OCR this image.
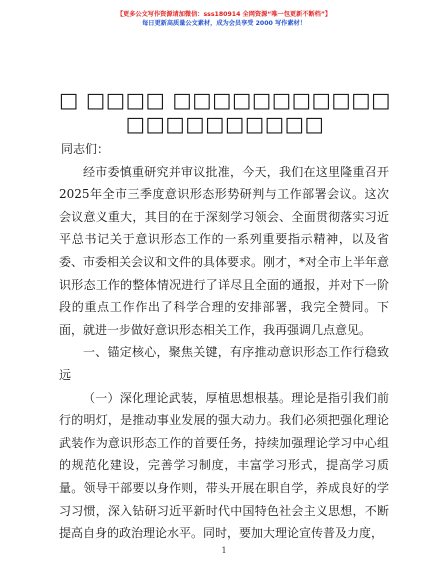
【更多公文写作资源请加微信：sss180914 全网资源“唯一包更新不断档”】
每日更新高质量公文素材，成为会员享受 2000 写作素材！
□ □□□□ □□□□□□□□□□□□□□□□□□□□□

同志们：

经市委慎重研究并审议批准，今天，我们在这里隆重召开2025年全市三季度意识形态形势研判与工作部署会议。这次会议意义重大，其目的在于深刻学习领会、全面贯彻落实习近平总书记关于意识形态工作的一系列重要指示精神，以及省委、市委相关会议和文件的具体要求。刚才，*对全市上半年意识形态工作的整体情况进行了详尽且全面的通报，并对下一阶段的重点工作作出了科学合理的安排部署，我完全赞同。下面，就进一步做好意识形态相关工作，我再强调几点意见。

一、锚定核心，聚焦关键，有序推动意识形态工作行稳致远

（一）深化理论武装，厚植思想根基。理论是指引我们前行的明灯，是推动事业发展的强大动力。我们必须把强化理论武装作为意识形态工作的首要任务，持续加强理论学习中心组的规范化建设，完善学习制度，丰富学习形式，提高学习质量。领导干部要以身作则，带头开展在职自学，养成良好的学习习惯，深入钻研习近平新时代中国特色社会主义思想，不断提高自身的政治理论水平。同时，要加大理论宣传普及力度，

1
